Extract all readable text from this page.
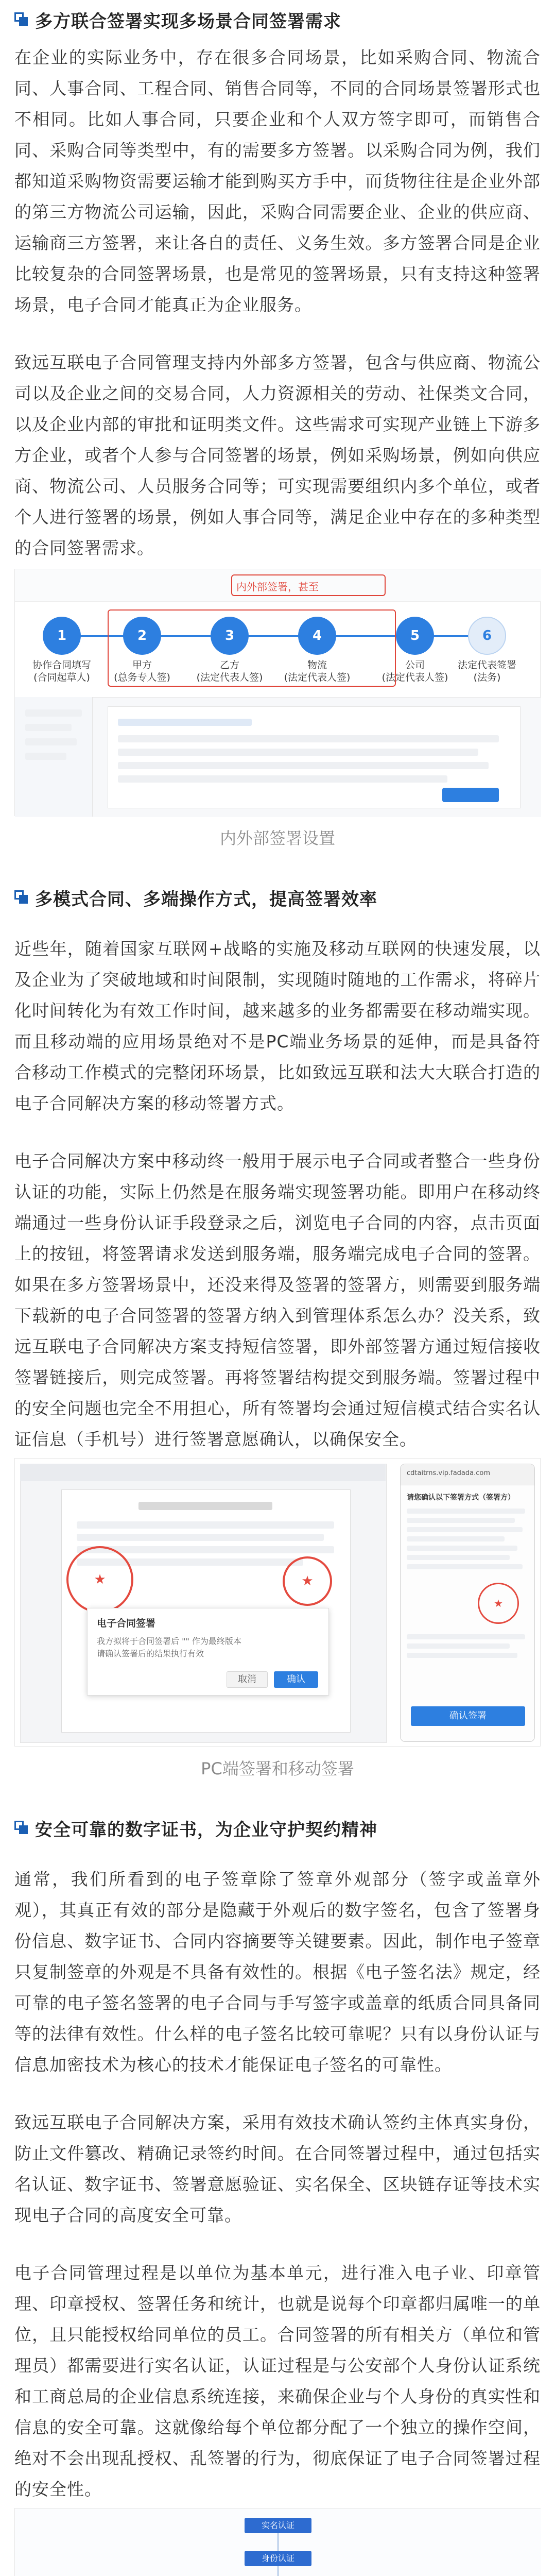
多方联合签署实现多场景合同签署需求

在企业的实际业务中，存在很多合同场景，比如采购合同、物流合同、人事合同、工程合同、销售合同等，不同的合同场景签署形式也不相同。比如人事合同，只要企业和个人双方签字即可，而销售合同、采购合同等类型中，有的需要多方签署。以采购合同为例，我们都知道采购物资需要运输才能到购买方手中，而货物往往是企业外部的第三方物流公司运输，因此，采购合同需要企业、企业的供应商、运输商三方签署，来让各自的责任、义务生效。多方签署合同是企业比较复杂的合同签署场景，也是常见的签署场景，只有支持这种签署场景，电子合同才能真正为企业服务。

致远互联电子合同管理支持内外部多方签署，包含与供应商、物流公司以及企业之间的交易合同，人力资源相关的劳动、社保类文合同，以及企业内部的审批和证明类文件。这些需求可实现产业链上下游多方企业，或者个人参与合同签署的场景，例如采购场景，例如向供应商、物流公司、人员服务合同等；可实现需要组织内多个单位，或者个人进行签署的场景，例如人事合同等，满足企业中存在的多种类型的合同签署需求。

内外部签署，甚至
1	2	3	4	5	6
协作合同填写
(合同起草人)
甲方
(总务专人签)
乙方
(法定代表人签)
物流
(法定代表人签)
公司
(法定代表人签)
法定代表签署
(法务)

内外部签署设置

多模式合同、多端操作方式，提高签署效率

近些年，随着国家互联网+战略的实施及移动互联网的快速发展，以及企业为了突破地域和时间限制，实现随时随地的工作需求，将碎片化时间转化为有效工作时间，越来越多的业务都需要在移动端实现。而且移动端的应用场景绝对不是PC端业务场景的延伸，而是具备符合移动工作模式的完整闭环场景，比如致远互联和法大大联合打造的电子合同解决方案的移动签署方式。

电子合同解决方案中移动终一般用于展示电子合同或者整合一些身份认证的功能，实际上仍然是在服务端实现签署功能。即用户在移动终端通过一些身份认证手段登录之后，浏览电子合同的内容，点击页面上的按钮，将签署请求发送到服务端，服务端完成电子合同的签署。如果在多方签署场景中，还没来得及签署的签署方，则需要到服务端下载新的电子合同签署的签署方纳入到管理体系怎么办？没关系，致远互联电子合同解决方案支持短信签署，即外部签署方通过短信接收签署链接后，则完成签署。再将签署结构提交到服务端。签署过程中的安全问题也完全不用担心，所有签署均会通过短信模式结合实名认证信息（手机号）进行签署意愿确认，以确保安全。

★	★
电子合同签署
我方拟将于合同签署后 "" 作为最终版本
请确认签署后的结果执行有效
取消	确认
cdtaitrns.vip.fadada.com
请您确认以下签署方式（签署方）
★
确认签署

PC端签署和移动签署

安全可靠的数字证书，为企业守护契约精神

通常，我们所看到的电子签章除了签章外观部分（签字或盖章外观），其真正有效的部分是隐藏于外观后的数字签名，包含了签署身份信息、数字证书、合同内容摘要等关键要素。因此，制作电子签章只复制签章的外观是不具备有效性的。根据《电子签名法》规定，经可靠的电子签名签署的电子合同与手写签字或盖章的纸质合同具备同等的法律有效性。什么样的电子签名比较可靠呢？只有以身份认证与信息加密技术为核心的技术才能保证电子签名的可靠性。

致远互联电子合同解决方案，采用有效技术确认签约主体真实身份，防止文件篡改、精确记录签约时间。在合同签署过程中，通过包括实名认证、数字证书、签署意愿验证、实名保全、区块链存证等技术实现电子合同的高度安全可靠。

电子合同管理过程是以单位为基本单元，进行准入电子业、印章管理、印章授权、签署任务和统计，也就是说每个印章都归属唯一的单位，且只能授权给同单位的员工。合同签署的所有相关方（单位和管理员）都需要进行实名认证，认证过程是与公安部个人身份认证系统和工商总局的企业信息系统连接，来确保企业与个人身份的真实性和信息的安全可靠。这就像给每个单位都分配了一个独立的操作空间，绝对不会出现乱授权、乱签署的行为，彻底保证了电子合同签署过程的安全性。

实名认证
身份认证
